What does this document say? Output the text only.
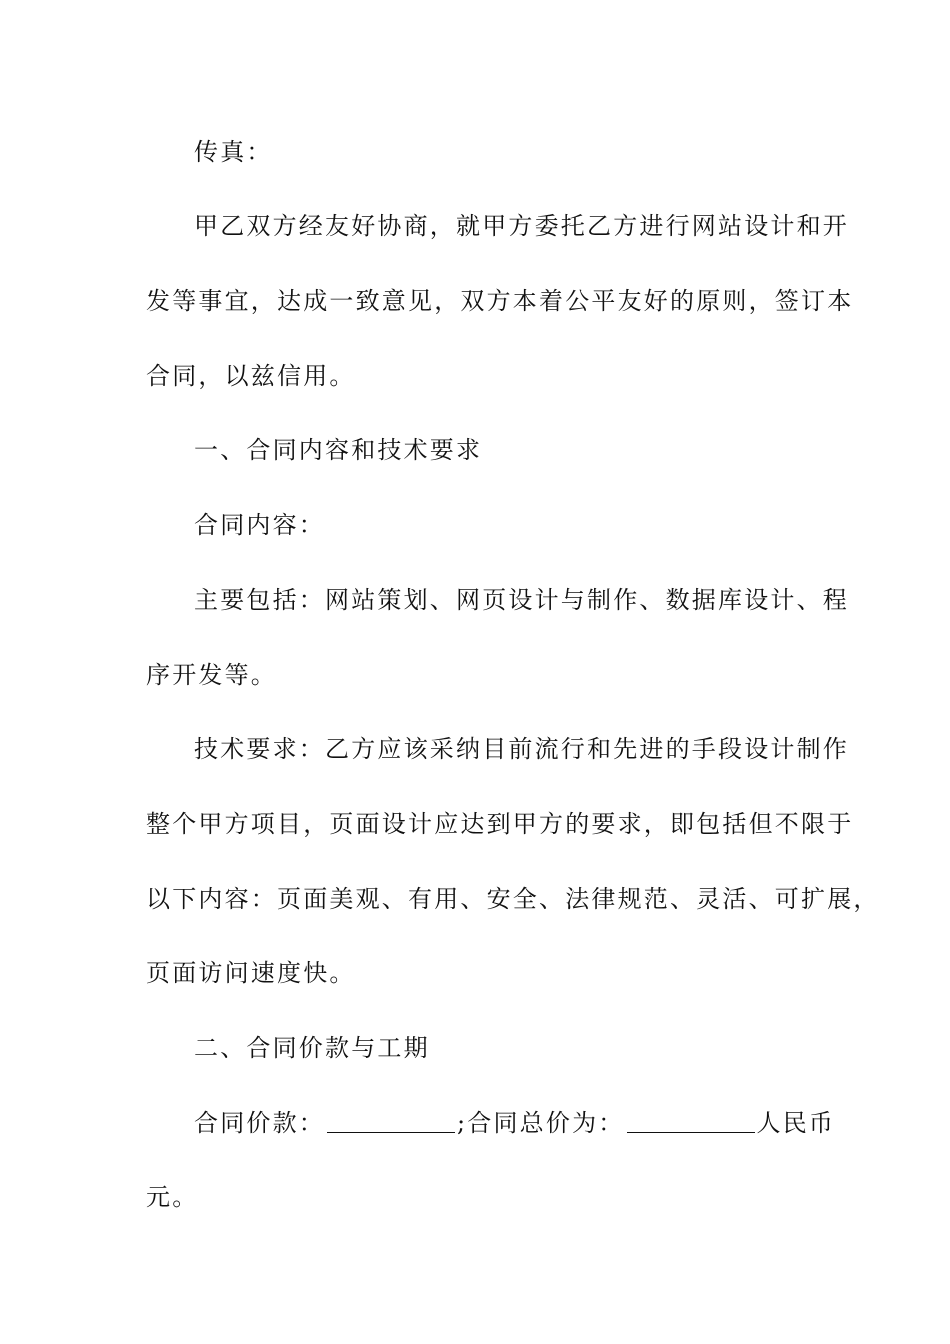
传真：
甲乙双方经友好协商，就甲方委托乙方进行网站设计和开
发等事宜，达成一致意见，双方本着公平友好的原则，签订本
合同，以兹信用。
一、合同内容和技术要求
合同内容：
主要包括：网站策划、网页设计与制作、数据库设计、程
序开发等。
技术要求：乙方应该采纳目前流行和先进的手段设计制作
整个甲方项目，页面设计应达到甲方的要求，即包括但不限于
以下内容：页面美观、有用、安全、法律规范、灵活、可扩展，
页面访问速度快。
二、合同价款与工期
合同价款：	;合同总价为：	人民币
元。
